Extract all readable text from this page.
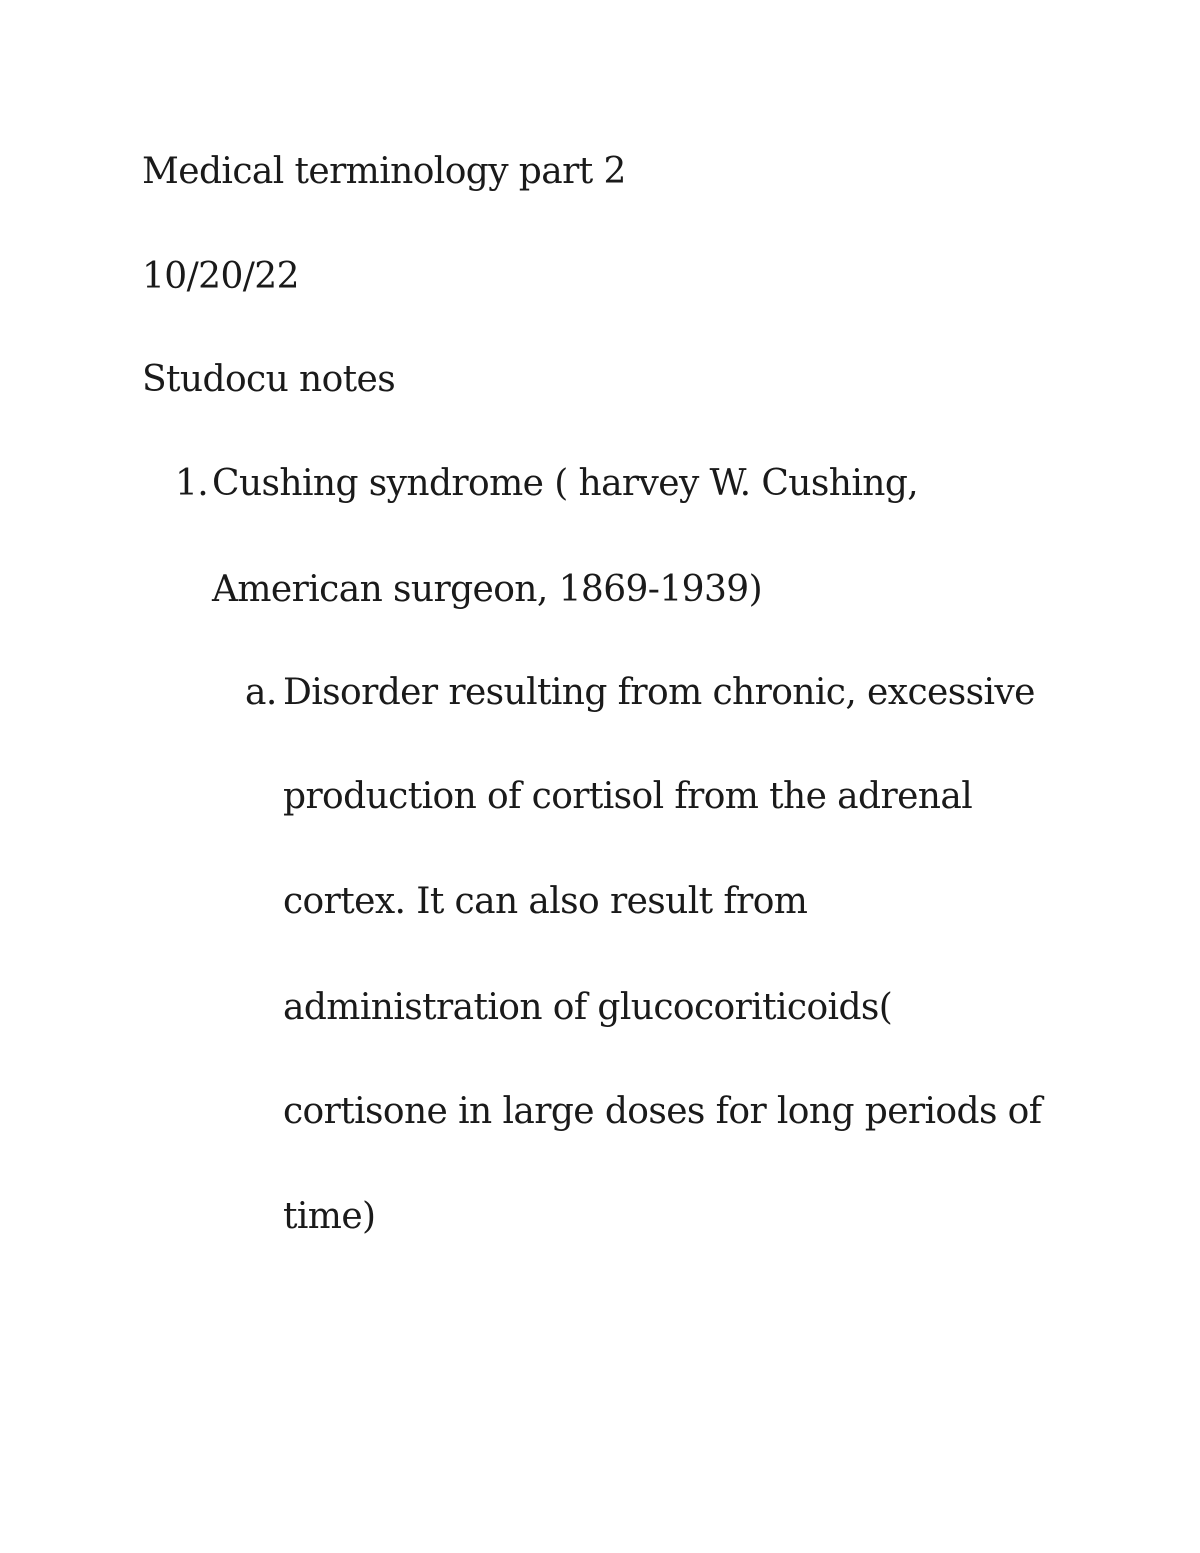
Medical terminology part 2
10/20/22
Studocu notes
1. Cushing syndrome ( harvey W. Cushing,
American surgeon, 1869-1939)
a. Disorder resulting from chronic, excessive
production of cortisol from the adrenal
cortex. It can also result from
administration of glucocoriticoids(
cortisone in large doses for long periods of
time)
